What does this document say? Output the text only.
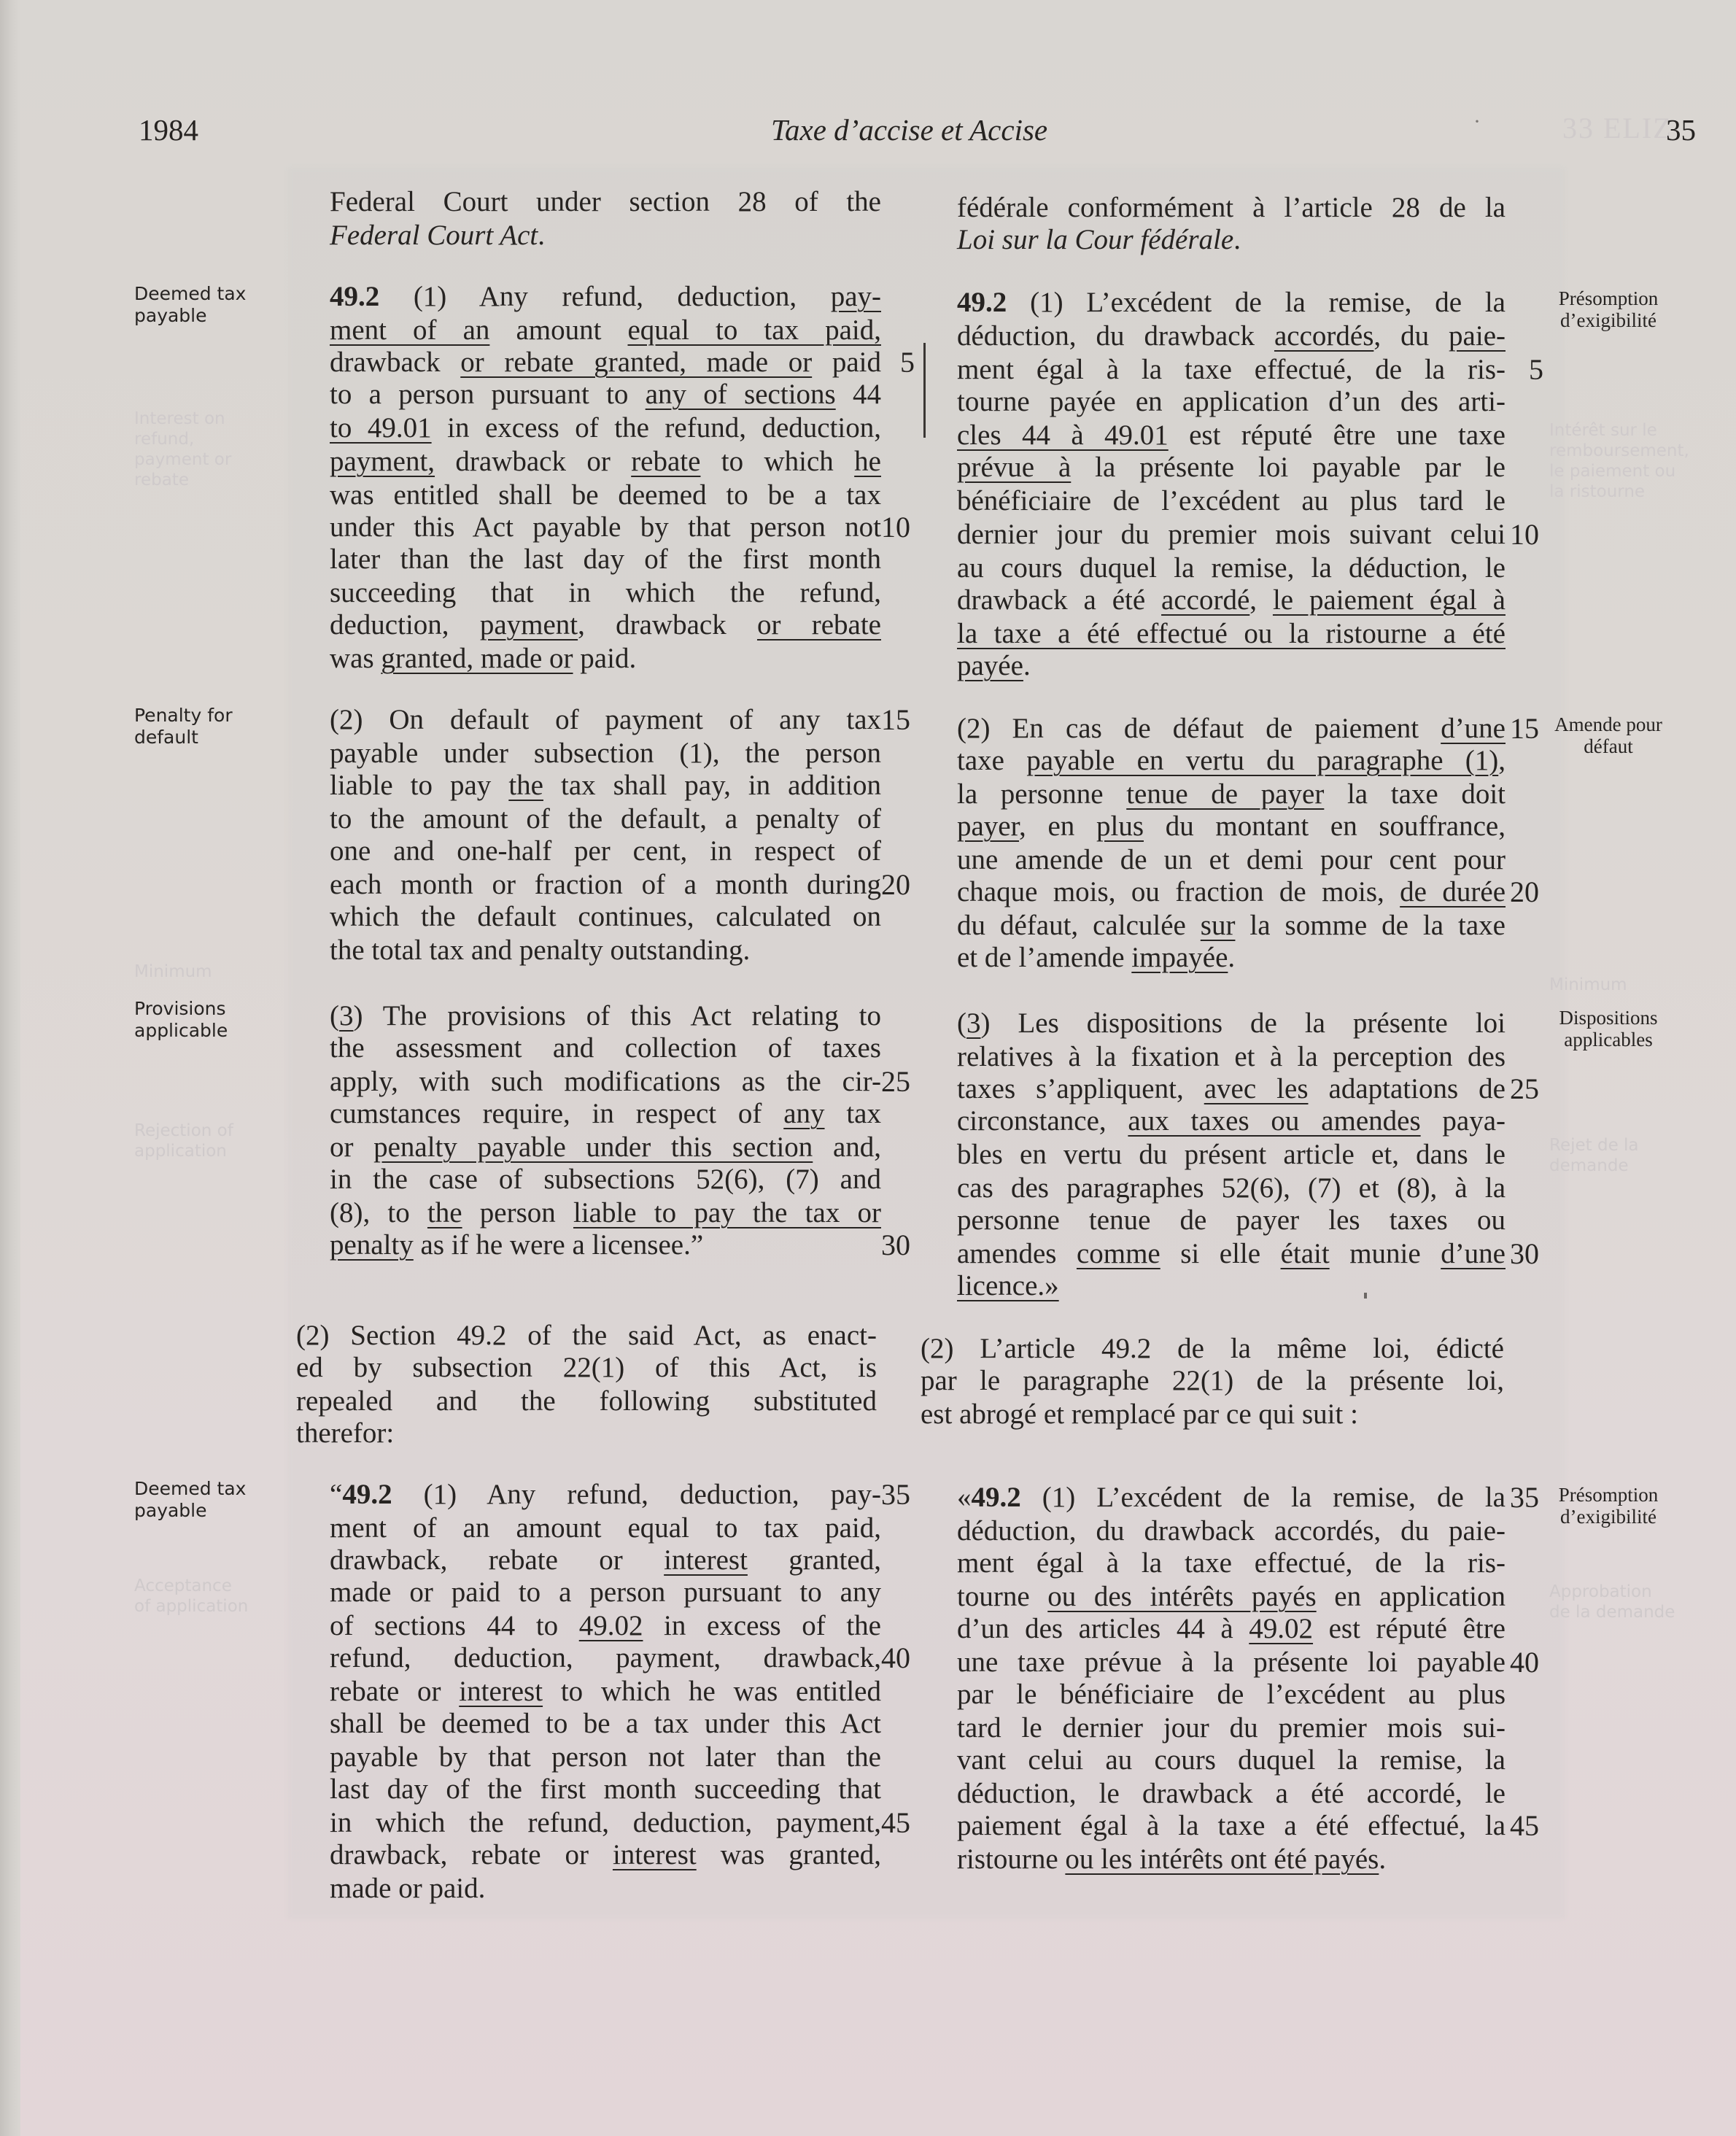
1984	Taxe d’accise et Accise	·	33 ELIZ
35
Federal Court under section 28 of the
Federal Court Act.
49.2 (1) Any refund, deduction, pay-
ment of an amount equal to tax paid,
drawback or rebate granted, made or paid
to a person pursuant to any of sections 44
to 49.01 in excess of the refund, deduction,
payment, drawback or rebate to which he
was entitled shall be deemed to be a tax
under this Act payable by that person not
later than the last day of the first month
succeeding that in which the refund,
deduction, payment, drawback or rebate
was granted, made or paid.
(2) On default of payment of any tax
payable under subsection (1), the person
liable to pay the tax shall pay, in addition
to the amount of the default, a penalty of
one and one-half per cent, in respect of
each month or fraction of a month during
which the default continues, calculated on
the total tax and penalty outstanding.
(3) The provisions of this Act relating to
the assessment and collection of taxes
apply, with such modifications as the cir-
cumstances require, in respect of any tax
or penalty payable under this section and,
in the case of subsections 52(6), (7) and
(8), to the person liable to pay the tax or
penalty as if he were a licensee.”
(2) Section 49.2 of the said Act, as enact-
ed by subsection 22(1) of this Act, is
repealed and the following substituted
therefor:
“49.2 (1) Any refund, deduction, pay-
ment of an amount equal to tax paid,
drawback, rebate or interest granted,
made or paid to a person pursuant to any
of sections 44 to 49.02 in excess of the
refund, deduction, payment, drawback,
rebate or interest to which he was entitled
shall be deemed to be a tax under this Act
payable by that person not later than the
last day of the first month succeeding that
in which the refund, deduction, payment,
drawback, rebate or interest was granted,
made or paid.
fédérale conformément à l’article 28 de la
Loi sur la Cour fédérale.
49.2 (1) L’excédent de la remise, de la
déduction, du drawback accordés, du paie-
ment égal à la taxe effectué, de la ris-
tourne payée en application d’un des arti-
cles 44 à 49.01 est réputé être une taxe
prévue à la présente loi payable par le
bénéficiaire de l’excédent au plus tard le
dernier jour du premier mois suivant celui
au cours duquel la remise, la déduction, le
drawback a été accordé, le paiement égal à
la taxe a été effectué ou la ristourne a été
payée.
(2) En cas de défaut de paiement d’une
taxe payable en vertu du paragraphe (1),
la personne tenue de payer la taxe doit
payer, en plus du montant en souffrance,
une amende de un et demi pour cent pour
chaque mois, ou fraction de mois, de durée
du défaut, calculée sur la somme de la taxe
et de l’amende impayée.
(3) Les dispositions de la présente loi
relatives à la fixation et à la perception des
taxes s’appliquent, avec les adaptations de
circonstance, aux taxes ou amendes paya-
bles en vertu du présent article et, dans le
cas des paragraphes 52(6), (7) et (8), à la
personne tenue de payer les taxes ou
amendes comme si elle était munie d’une
licence.»
(2) L’article 49.2 de la même loi, édicté
par le paragraphe 22(1) de la présente loi,
est abrogé et remplacé par ce qui suit :
«49.2 (1) L’excédent de la remise, de la
déduction, du drawback accordés, du paie-
ment égal à la taxe effectué, de la ris-
tourne ou des intérêts payés en application
d’un des articles 44 à 49.02 est réputé être
une taxe prévue à la présente loi payable
par le bénéficiaire de l’excédent au plus
tard le dernier jour du premier mois sui-
vant celui au cours duquel la remise, la
déduction, le drawback a été accordé, le
paiement égal à la taxe a été effectué, la
ristourne ou les intérêts ont été payés.
Deemed tax payable
Penalty for default
Provisions applicable
Deemed tax payable
Présomption d’exigibilité
Amende pour défaut
Dispositions applicables
Présomption d’exigibilité
Interest on refund, payment or rebate
Minimum
Rejection of application
Acceptance of application
Intérêt sur le remboursement, le paiement ou la ristourne
Minimum
Rejet de la demande
Approbation de la demande
5
10
15
20
25
30
35
40
45
5
10
15
20
25
30
35
40
45
